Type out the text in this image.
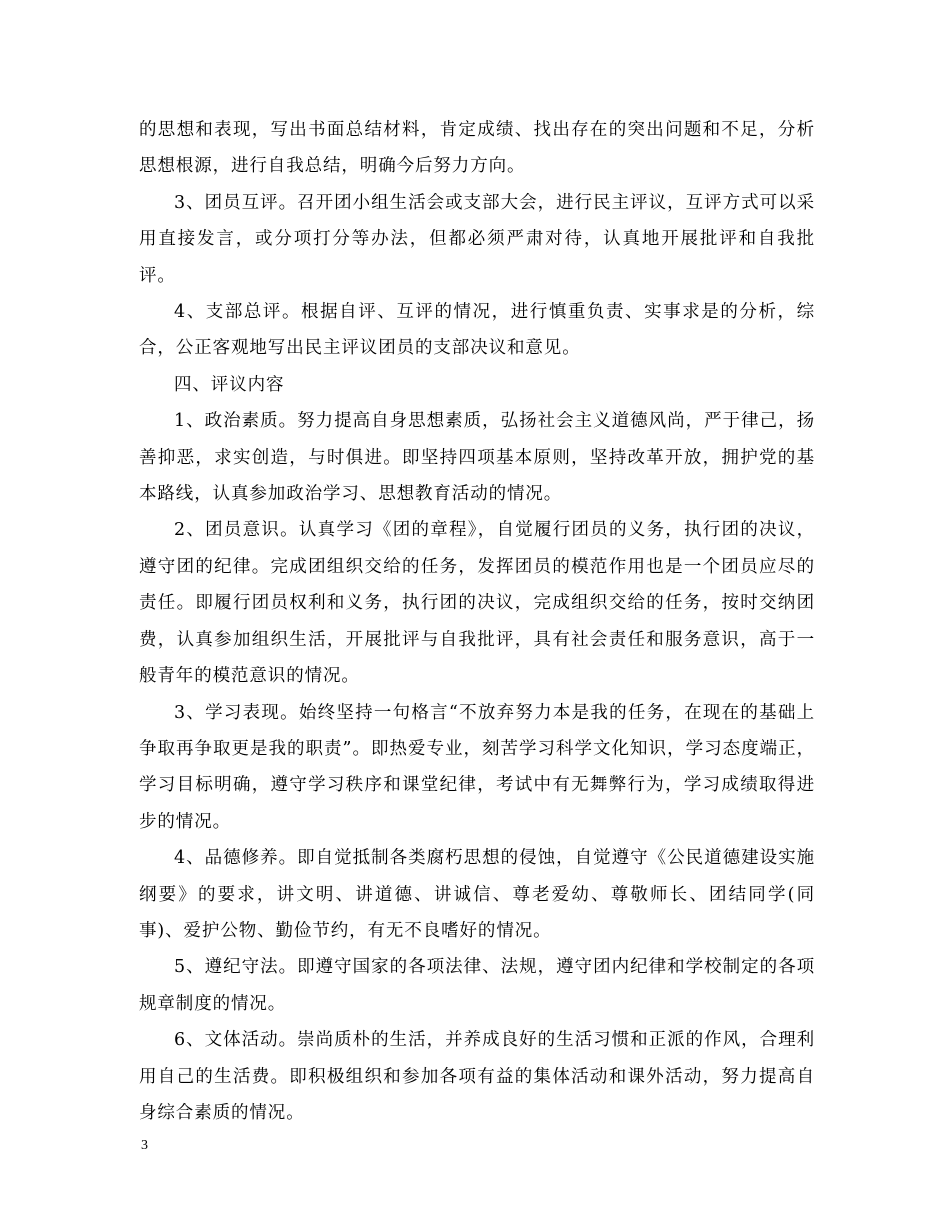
的思想和表现，写出书面总结材料，肯定成绩、找出存在的突出问题和不足，分析思想根源，进行自我总结，明确今后努力方向。

3、团员互评。召开团小组生活会或支部大会，进行民主评议，互评方式可以采用直接发言，或分项打分等办法，但都必须严肃对待，认真地开展批评和自我批评。

4、支部总评。根据自评、互评的情况，进行慎重负责、实事求是的分析，综合，公正客观地写出民主评议团员的支部决议和意见。

四、评议内容

1、政治素质。努力提高自身思想素质，弘扬社会主义道德风尚，严于律己，扬善抑恶，求实创造，与时俱进。即坚持四项基本原则，坚持改革开放，拥护党的基本路线，认真参加政治学习、思想教育活动的情况。

2、团员意识。认真学习《团的章程》，自觉履行团员的义务，执行团的决议，遵守团的纪律。完成团组织交给的任务，发挥团员的模范作用也是一个团员应尽的责任。即履行团员权利和义务，执行团的决议，完成组织交给的任务，按时交纳团费，认真参加组织生活，开展批评与自我批评，具有社会责任和服务意识，高于一般青年的模范意识的情况。

3、学习表现。始终坚持一句格言“不放弃努力本是我的任务，在现在的基础上争取再争取更是我的职责”。即热爱专业，刻苦学习科学文化知识，学习态度端正，学习目标明确，遵守学习秩序和课堂纪律，考试中有无舞弊行为，学习成绩取得进步的情况。

4、品德修养。即自觉抵制各类腐朽思想的侵蚀，自觉遵守《公民道德建设实施纲要》的要求，讲文明、讲道德、讲诚信、尊老爱幼、尊敬师长、团结同学(同事)、爱护公物、勤俭节约，有无不良嗜好的情况。

5、遵纪守法。即遵守国家的各项法律、法规，遵守团内纪律和学校制定的各项规章制度的情况。

6、文体活动。崇尚质朴的生活，并养成良好的生活习惯和正派的作风，合理利用自己的生活费。即积极组织和参加各项有益的集体活动和课外活动，努力提高自身综合素质的情况。

3
